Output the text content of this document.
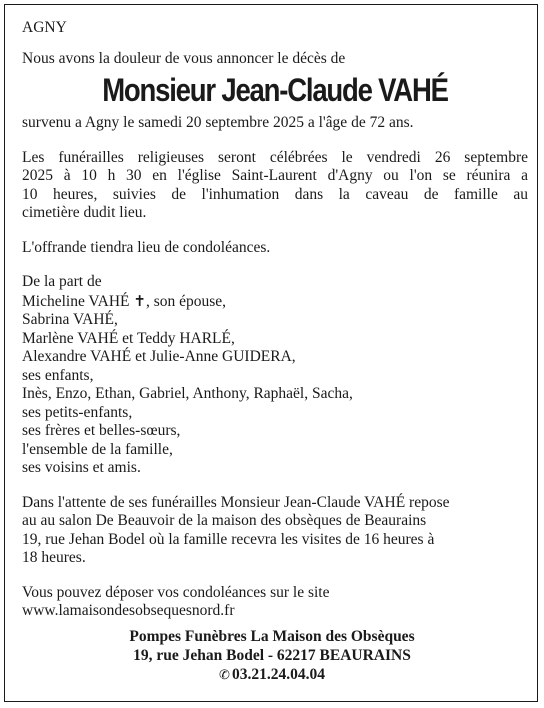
AGNY
Nous avons la douleur de vous annoncer le décès de
Monsieur Jean-Claude VAHÉ
survenu a Agny le samedi 20 septembre 2025 a l'âge de 72 ans.
Les funérailles religieuses seront célébrées le vendredi 26 septembre
2025 à 10 h 30 en l'église Saint-Laurent d'Agny ou l'on se réunira a
10 heures, suivies de l'inhumation dans la caveau de famille au
cimetière dudit lieu.
L'offrande tiendra lieu de condoléances.
De la part de
Micheline VAHÉ ✝, son épouse,
Sabrina VAHÉ,
Marlène VAHÉ et Teddy HARLÉ,
Alexandre VAHÉ et Julie-Anne GUIDERA,
ses enfants,
Inès, Enzo, Ethan, Gabriel, Anthony, Raphaël, Sacha,
ses petits-enfants,
ses frères et belles-sœurs,
l'ensemble de la famille,
ses voisins et amis.
Dans l'attente de ses funérailles Monsieur Jean-Claude VAHÉ repose
au au salon De Beauvoir de la maison des obsèques de Beaurains
19, rue Jehan Bodel où la famille recevra les visites de 16 heures à
18 heures.
Vous pouvez déposer vos condoléances sur le site
www.lamaisondesobsequesnord.fr
Pompes Funèbres La Maison des Obsèques
19, rue Jehan Bodel - 62217 BEAURAINS
✆ 03.21.24.04.04
